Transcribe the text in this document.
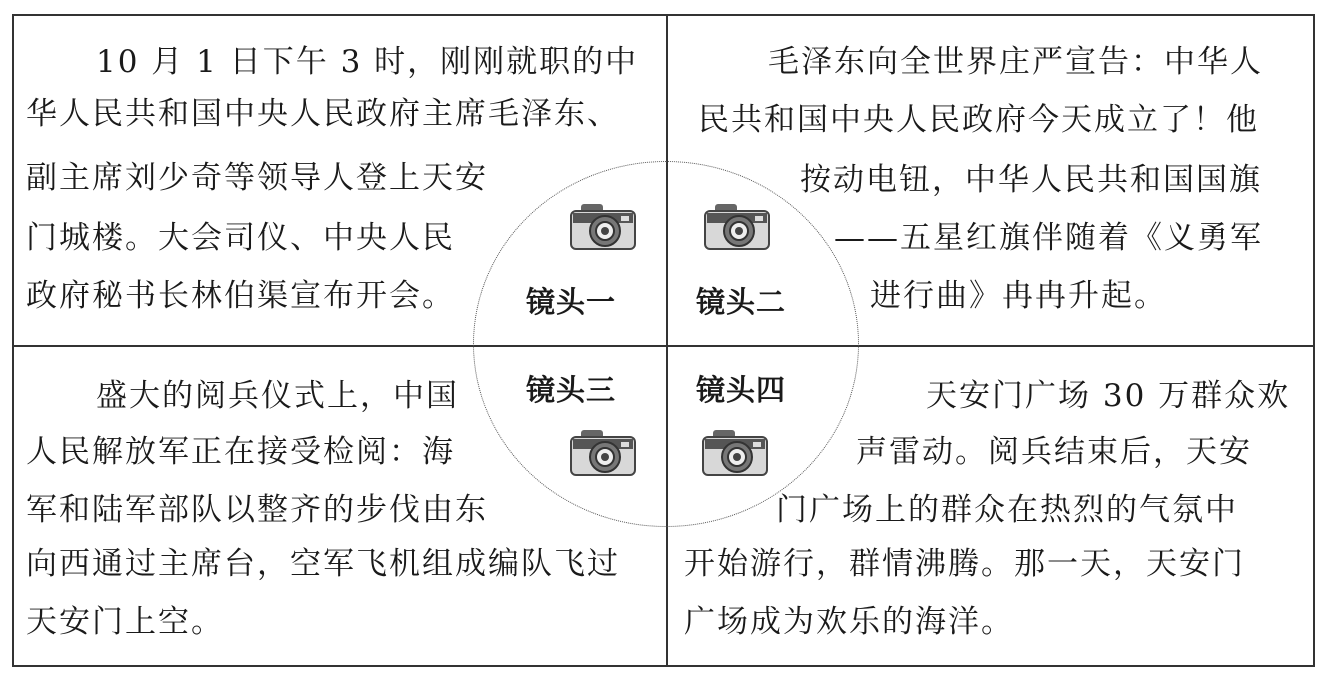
10 月 1 日下午 3 时，刚刚就职的中
华人民共和国中央人民政府主席毛泽东、
副主席刘少奇等领导人登上天安
门城楼。大会司仪、中央人民
政府秘书长林伯渠宣布开会。 镜头一
毛泽东向全世界庄严宣告：中华人
民共和国中央人民政府今天成立了！他
按动电钮，中华人民共和国国旗
——五星红旗伴随着《义勇军
进行曲》冉冉升起。
镜头二
盛大的阅兵仪式上，中国
人民解放军正在接受检阅：海
军和陆军部队以整齐的步伐由东
向西通过主席台，空军飞机组成编队飞过
天安门上空。
镜头三	天安门广场 30 万群众欢
声雷动。阅兵结束后，天安
门广场上的群众在热烈的气氛中
开始游行，群情沸腾。那一天，天安门
广场成为欢乐的海洋。
镜头四
